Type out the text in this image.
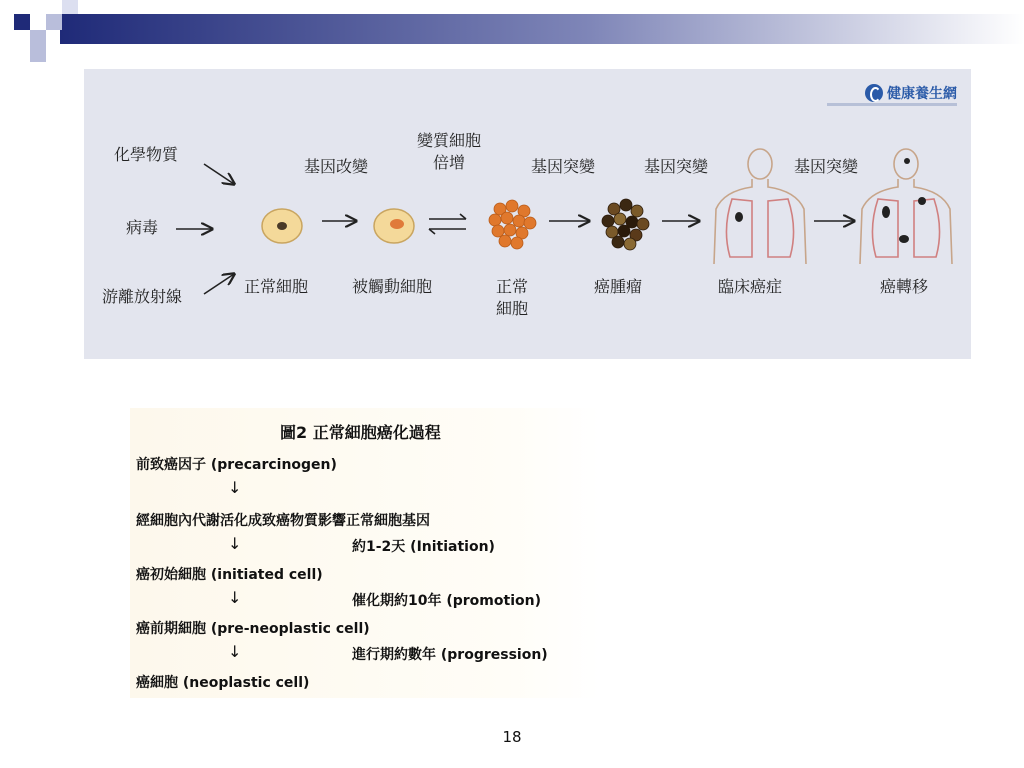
健康養生網
化學物質
病毒
游離放射線
基因改變
變質細胞
倍增	基因突變	基因突變	基因突變
正常細胞	被觸動細胞	正常
細胞
癌腫瘤	臨床癌症	癌轉移
圖2 正常細胞癌化過程
前致癌因子 (precarcinogen)
↓
經細胞內代謝活化成致癌物質影響正常細胞基因
↓	約1-2天 (Initiation)
癌初始細胞 (initiated cell)
↓	催化期約10年 (promotion)
癌前期細胞 (pre-neoplastic cell)
↓	進行期約數年 (progression)
癌細胞 (neoplastic cell)
18
